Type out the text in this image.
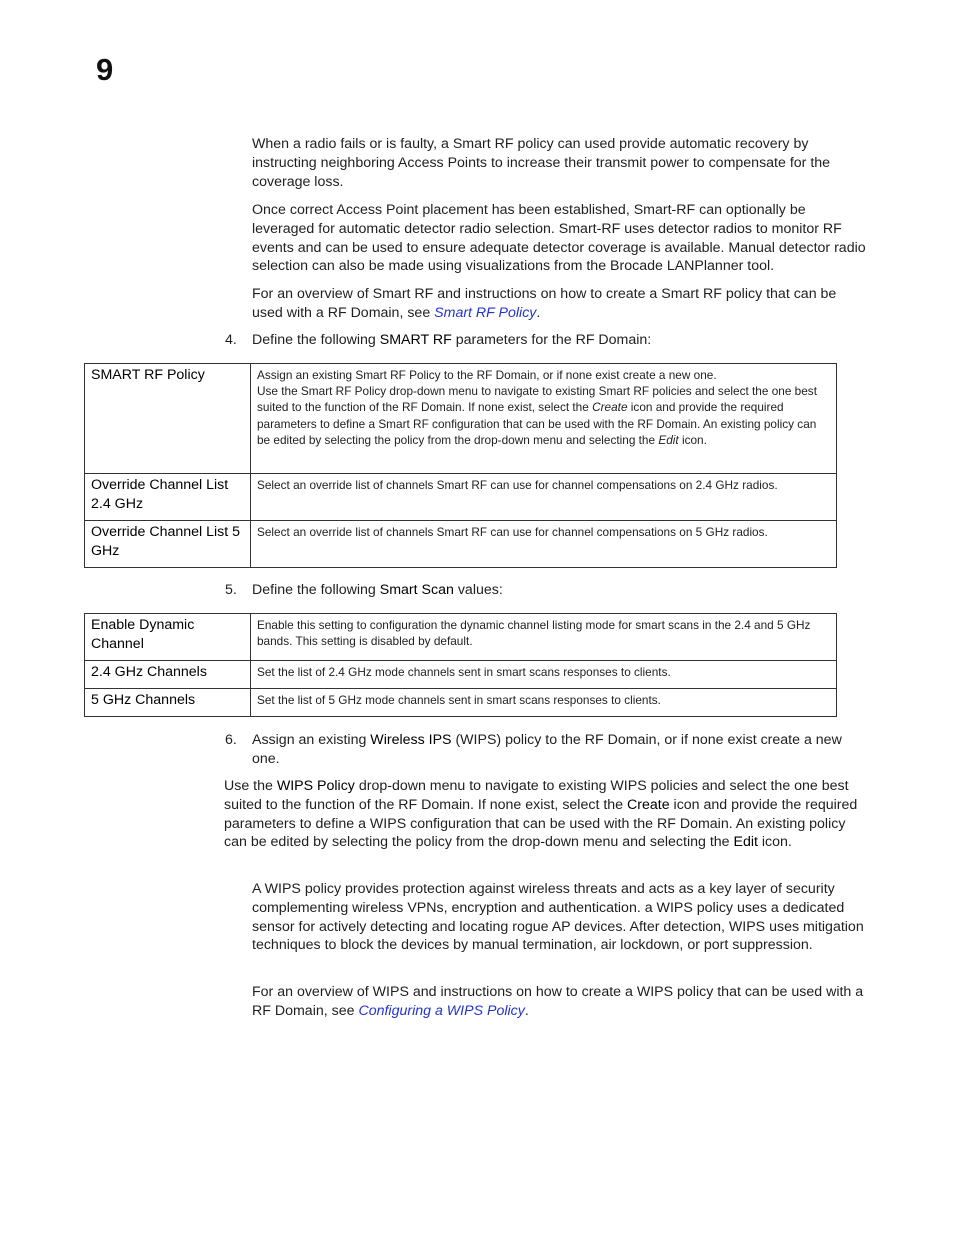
9

When a radio fails or is faulty, a Smart RF policy can used provide automatic recovery by instructing neighboring Access Points to increase their transmit power to compensate for the coverage loss.

Once correct Access Point placement has been established, Smart-RF can optionally be leveraged for automatic detector radio selection. Smart-RF uses detector radios to monitor RF events and can be used to ensure adequate detector coverage is available. Manual detector radio selection can also be made using visualizations from the Brocade LANPlanner tool.

For an overview of Smart RF and instructions on how to create a Smart RF policy that can be used with a RF Domain, see Smart RF Policy.

4. Define the following SMART RF parameters for the RF Domain:

SMART RF Policy	Assign an existing Smart RF Policy to the RF Domain, or if none exist create a new one.
Use the Smart RF Policy drop-down menu to navigate to existing Smart RF policies and select the one best suited to the function of the RF Domain. If none exist, select the Create icon and provide the required parameters to define a Smart RF configuration that can be used with the RF Domain. An existing policy can be edited by selecting the policy from the drop-down menu and selecting the Edit icon.

Override Channel List 2.4 GHz	Select an override list of channels Smart RF can use for channel compensations on 2.4 GHz radios.
Override Channel List 5 GHz	Select an override list of channels Smart RF can use for channel compensations on 5 GHz radios.
5. Define the following Smart Scan values:

Enable Dynamic Channel	Enable this setting to configuration the dynamic channel listing mode for smart scans in the 2.4 and 5 GHz bands. This setting is disabled by default.
2.4 GHz Channels	Set the list of 2.4 GHz mode channels sent in smart scans responses to clients.
5 GHz Channels	Set the list of 5 GHz mode channels sent in smart scans responses to clients.
6. Assign an existing Wireless IPS (WIPS) policy to the RF Domain, or if none exist create a new one.

Use the WIPS Policy drop-down menu to navigate to existing WIPS policies and select the one best suited to the function of the RF Domain. If none exist, select the Create icon and provide the required parameters to define a WIPS configuration that can be used with the RF Domain. An existing policy can be edited by selecting the policy from the drop-down menu and selecting the Edit icon.

A WIPS policy provides protection against wireless threats and acts as a key layer of security complementing wireless VPNs, encryption and authentication. a WIPS policy uses a dedicated sensor for actively detecting and locating rogue AP devices. After detection, WIPS uses mitigation techniques to block the devices by manual termination, air lockdown, or port suppression.

For an overview of WIPS and instructions on how to create a WIPS policy that can be used with a RF Domain, see Configuring a WIPS Policy.
